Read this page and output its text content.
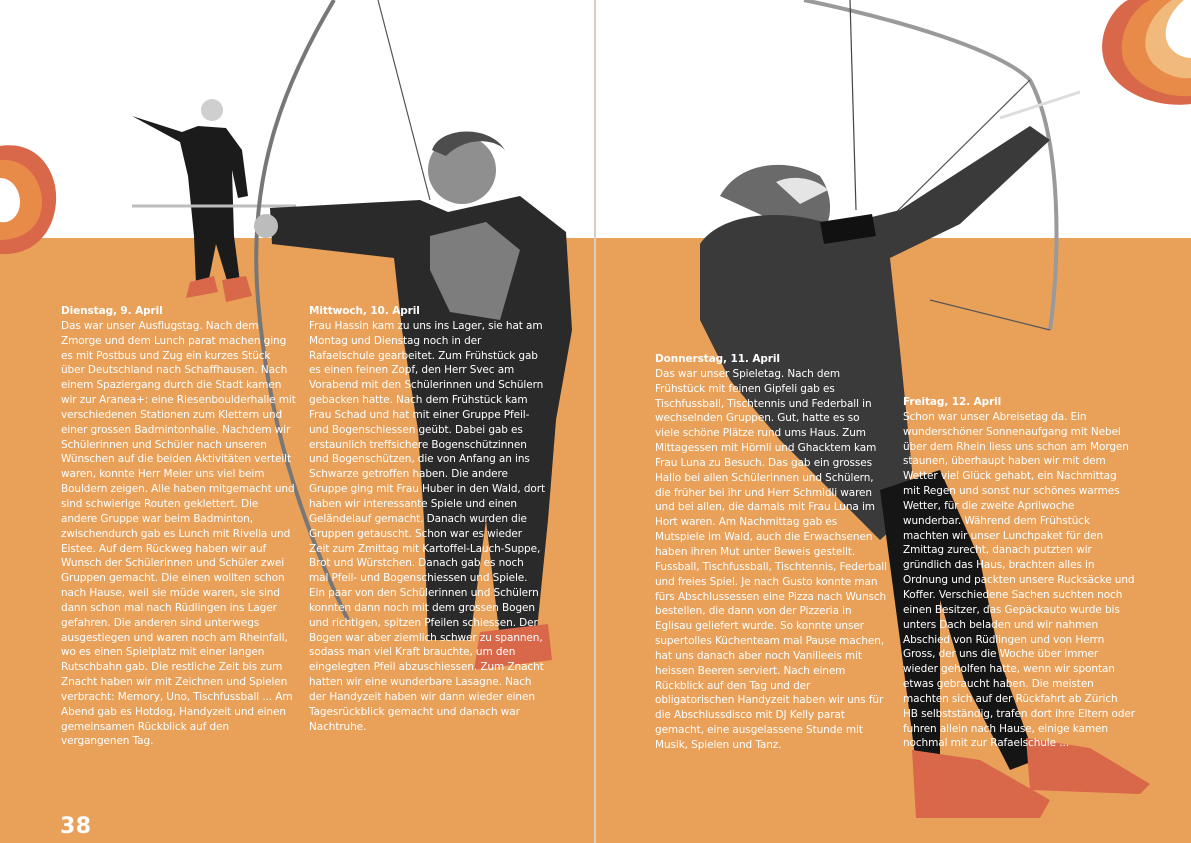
Dienstag, 9. April
Das war unser Ausflugstag. Nach dem Zmorge und dem Lunch parat machen ging es mit Postbus und Zug ein kurzes Stück über Deutschland nach Schaffhausen. Nach einem Spaziergang durch die Stadt kamen wir zur Aranea+: eine Riesenboulderhalle mit verschiedenen Stationen zum Klettern und einer grossen Badmintonhalle. Nachdem wir Schülerinnen und Schüler nach unseren Wünschen auf die beiden Aktivitäten verteilt waren, konnte Herr Meier uns viel beim Bouldern zeigen. Alle haben mitgemacht und sind schwierige Routen geklettert. Die andere Gruppe war beim Badminton, zwischendurch gab es Lunch mit Rivella und Eistee. Auf dem Rückweg haben wir auf Wunsch der Schülerinnen und Schüler zwei Gruppen gemacht. Die einen wollten schon nach Hause, weil sie müde waren, sie sind dann schon mal nach Rüdlingen ins Lager gefahren. Die anderen sind unterwegs ausgestiegen und waren noch am Rheinfall, wo es einen Spielplatz mit einer langen Rutschbahn gab. Die restliche Zeit bis zum Znacht haben wir mit Zeichnen und Spielen verbracht: Memory, Uno, Tischfussball ... Am Abend gab es Hotdog, Handyzeit und einen gemeinsamen Rückblick auf den vergangenen Tag.
Mittwoch, 10. April
Frau Hassin kam zu uns ins Lager, sie hat am Montag und Dienstag noch in der Rafaelschule gearbeitet. Zum Frühstück gab es einen feinen Zopf, den Herr Svec am Vorabend mit den Schülerinnen und Schülern gebacken hatte. Nach dem Frühstück kam Frau Schad und hat mit einer Gruppe Pfeil- und Bogenschiessen geübt. Dabei gab es erstaunlich treffsichere Bogenschützinnen und Bogenschützen, die von Anfang an ins Schwarze getroffen haben. Die andere Gruppe ging mit Frau Huber in den Wald, dort haben wir interessante Spiele und einen Geländelauf gemacht. Danach wurden die Gruppen getauscht. Schon war es wieder Zeit zum Zmittag mit Kartoffel-Lauch-Suppe, Brot und Würstchen. Danach gab es noch mal Pfeil- und Bogenschiessen und Spiele. Ein paar von den Schülerinnen und Schülern konnten dann noch mit dem grossen Bogen und richtigen, spitzen Pfeilen schiessen. Der Bogen war aber ziemlich schwer zu spannen, sodass man viel Kraft brauchte, um den eingelegten Pfeil abzuschiessen. Zum Znacht hatten wir eine wunderbare Lasagne. Nach der Handyzeit haben wir dann wieder einen Tagesrückblick gemacht und danach war Nachtruhe.
Donnerstag, 11. April
Das war unser Spieletag. Nach dem Frühstück mit feinen Gipfeli gab es Tischfussball, Tischtennis und Federball in wechselnden Gruppen. Gut, hatte es so viele schöne Plätze rund ums Haus. Zum Mittagessen mit Hörnli und Ghacktem kam Frau Luna zu Besuch. Das gab ein grosses Hallo bei allen Schülerinnen und Schülern, die früher bei ihr und Herr Schmidli waren und bei allen, die damals mit Frau Luna im Hort waren. Am Nachmittag gab es Mutspiele im Wald, auch die Erwachsenen haben ihren Mut unter Beweis gestellt. Fussball, Tischfussball, Tischtennis, Federball und freies Spiel. Je nach Gusto konnte man fürs Abschlussessen eine Pizza nach Wunsch bestellen, die dann von der Pizzeria in Eglisau geliefert wurde. So konnte unser supertolles Küchenteam mal Pause machen, hat uns danach aber noch Vanilleeis mit heissen Beeren serviert. Nach einem Rückblick auf den Tag und der obligatorischen Handyzeit haben wir uns für die Abschlussdisco mit DJ Kelly parat gemacht, eine ausgelassene Stunde mit Musik, Spielen und Tanz.
Freitag, 12. April
Schon war unser Abreisetag da. Ein wunderschöner Sonnenaufgang mit Nebel über dem Rhein liess uns schon am Morgen staunen, überhaupt haben wir mit dem Wetter viel Glück gehabt, ein Nachmittag mit Regen und sonst nur schönes warmes Wetter, für die zweite Aprilwoche wunderbar. Während dem Frühstück machten wir unser Lunchpaket für den Zmittag zurecht, danach putzten wir gründlich das Haus, brachten alles in Ordnung und packten unsere Rucksäcke und Koffer. Verschiedene Sachen suchten noch einen Besitzer, das Gepäckauto wurde bis unters Dach beladen und wir nahmen Abschied von Rüdlingen und von Herrn Gross, der uns die Woche über immer wieder geholfen hatte, wenn wir spontan etwas gebraucht haben. Die meisten machten sich auf der Rückfahrt ab Zürich HB selbstständig, trafen dort ihre Eltern oder fuhren allein nach Hause, einige kamen nochmal mit zur Rafaelschule ...
38
